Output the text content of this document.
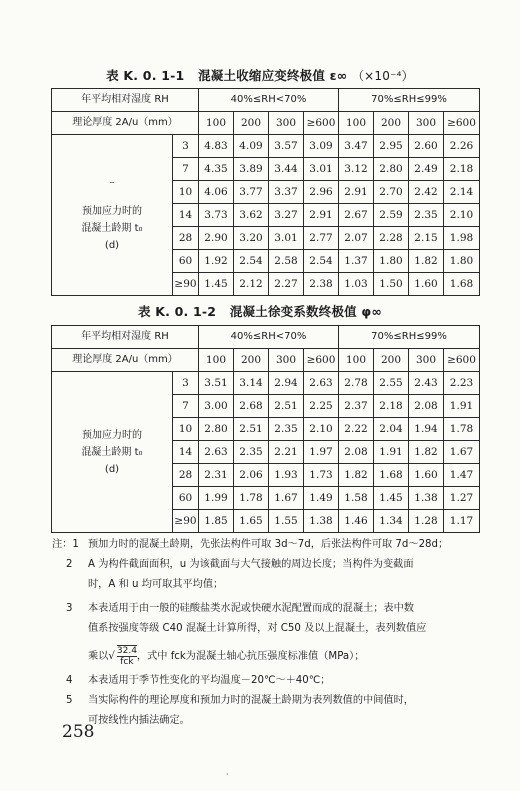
表 K. 0. 1-1 混凝土收缩应变终极值 ε∞ （×10⁻⁴）
年平均相对湿度 RH		40%≤RH<70%				70%≤RH≤99%			
理论厚度 2A/u（mm）		100	200	300	≥600	100	200	300	≥600

–
预加应力时的
混凝土龄期 t₀
(d)	3	4.83	4.09	3.57	3.09	3.47	2.95	2.60	2.26
	7	4.35	3.89	3.44	3.01	3.12	2.80	2.49	2.18
	10	4.06	3.77	3.37	2.96	2.91	2.70	2.42	2.14
	14	3.73	3.62	3.27	2.91	2.67	2.59	2.35	2.10
	28	2.90	3.20	3.01	2.77	2.07	2.28	2.15	1.98
	60	1.92	2.54	2.58	2.54	1.37	1.80	1.82	1.80
	≥90	1.45	2.12	2.27	2.38	1.03	1.50	1.60	1.68
表 K. 0. 1-2 混凝土徐变系数终极值 φ∞
年平均相对湿度 RH		40%≤RH<70%				70%≤RH≤99%			
理论厚度 2A/u（mm）		100	200	300	≥600	100	200	300	≥600

预加应力时的
混凝土龄期 t₀
(d)	3	3.51	3.14	2.94	2.63	2.78	2.55	2.43	2.23
	7	3.00	2.68	2.51	2.25	2.37	2.18	2.08	1.91
	10	2.80	2.51	2.35	2.10	2.22	2.04	1.94	1.78
	14	2.63	2.35	2.21	1.97	2.08	1.91	1.82	1.67
	28	2.31	2.06	1.93	1.73	1.82	1.68	1.60	1.47
	60	1.99	1.78	1.67	1.49	1.58	1.45	1.38	1.27
	≥90	1.85	1.65	1.55	1.38	1.46	1.34	1.28	1.17
注：1 预加力时的混凝土龄期，先张法构件可取 3d～7d，后张法构件可取 7d～28d；
2	A 为构件截面面积，u 为该截面与大气接触的周边长度；当构件为变截面
时，A 和 u 均可取其平均值；
3	本表适用于由一般的硅酸盐类水泥或快硬水泥配置而成的混凝土；表中数
值系按强度等级 C40 混凝土计算所得，对 C50 及以上混凝土，表列数值应
乘以√ $\frac{32.4}{\text{fck}}$ ，式中 fck为混凝土轴心抗压强度标准值（MPa）；
4	本表适用于季节性变化的平均温度－20℃～＋40℃；
5	当实际构件的理论厚度和预加力时的混凝土龄期为表列数值的中间值时，
可按线性内插法确定。
258
·
